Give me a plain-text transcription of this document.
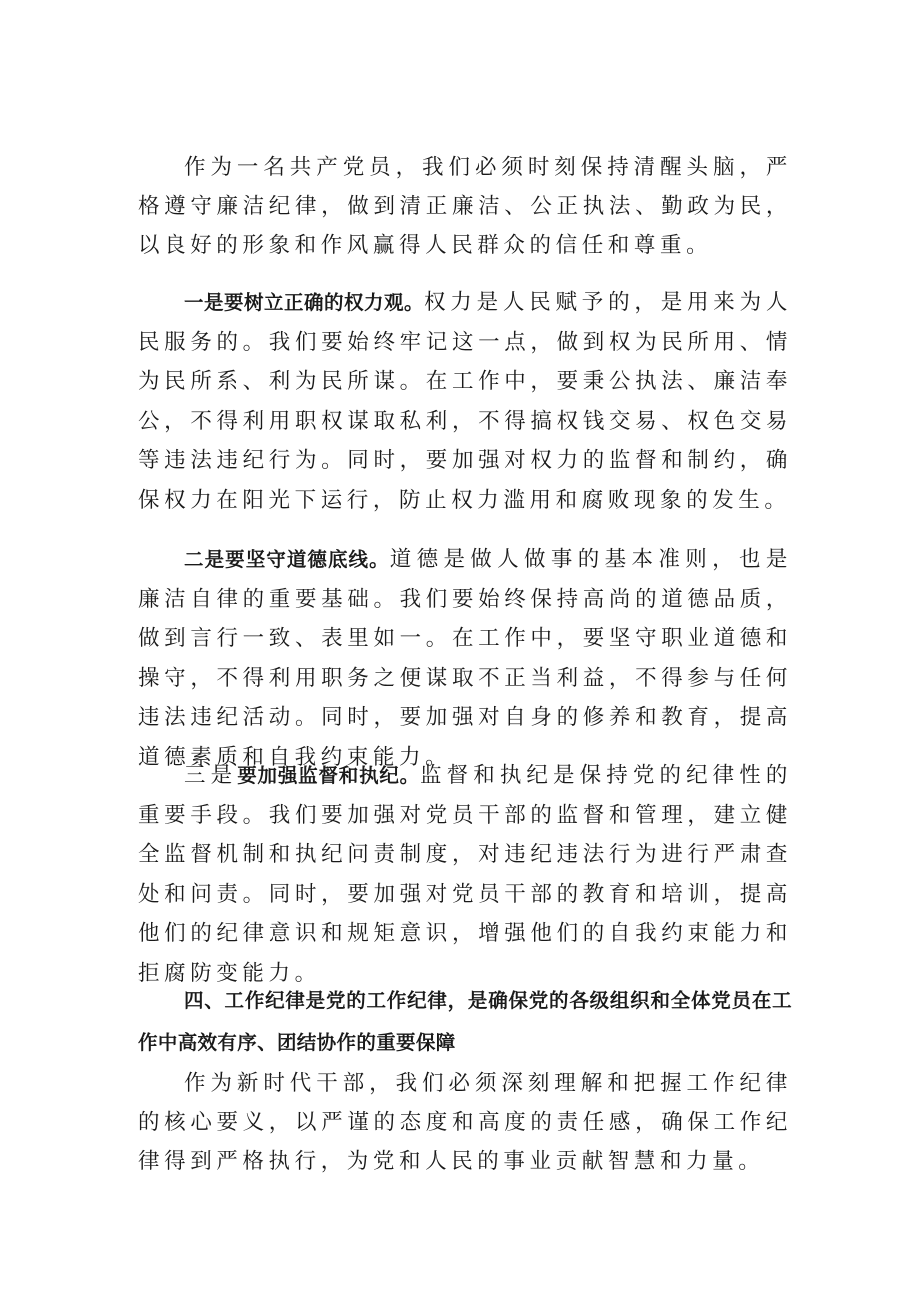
作为一名共产党员，我们必须时刻保持清醒头脑，严格遵守廉洁纪律，做到清正廉洁、公正执法、勤政为民，以良好的形象和作风赢得人民群众的信任和尊重。

一是要树立正确的权力观。权力是人民赋予的，是用来为人民服务的。我们要始终牢记这一点，做到权为民所用、情为民所系、利为民所谋。在工作中，要秉公执法、廉洁奉公，不得利用职权谋取私利，不得搞权钱交易、权色交易等违法违纪行为。同时，要加强对权力的监督和制约，确保权力在阳光下运行，防止权力滥用和腐败现象的发生。

二是要坚守道德底线。道德是做人做事的基本准则，也是廉洁自律的重要基础。我们要始终保持高尚的道德品质，做到言行一致、表里如一。在工作中，要坚守职业道德和操守，不得利用职务之便谋取不正当利益，不得参与任何违法违纪活动。同时，要加强对自身的修养和教育，提高道德素质和自我约束能力。

三是要加强监督和执纪。监督和执纪是保持党的纪律性的重要手段。我们要加强对党员干部的监督和管理，建立健全监督机制和执纪问责制度，对违纪违法行为进行严肃查处和问责。同时，要加强对党员干部的教育和培训，提高他们的纪律意识和规矩意识，增强他们的自我约束能力和拒腐防变能力。

四、工作纪律是党的工作纪律，是确保党的各级组织和全体党员在工作中高效有序、团结协作的重要保障

作为新时代干部，我们必须深刻理解和把握工作纪律的核心要义，以严谨的态度和高度的责任感，确保工作纪律得到严格执行，为党和人民的事业贡献智慧和力量。
